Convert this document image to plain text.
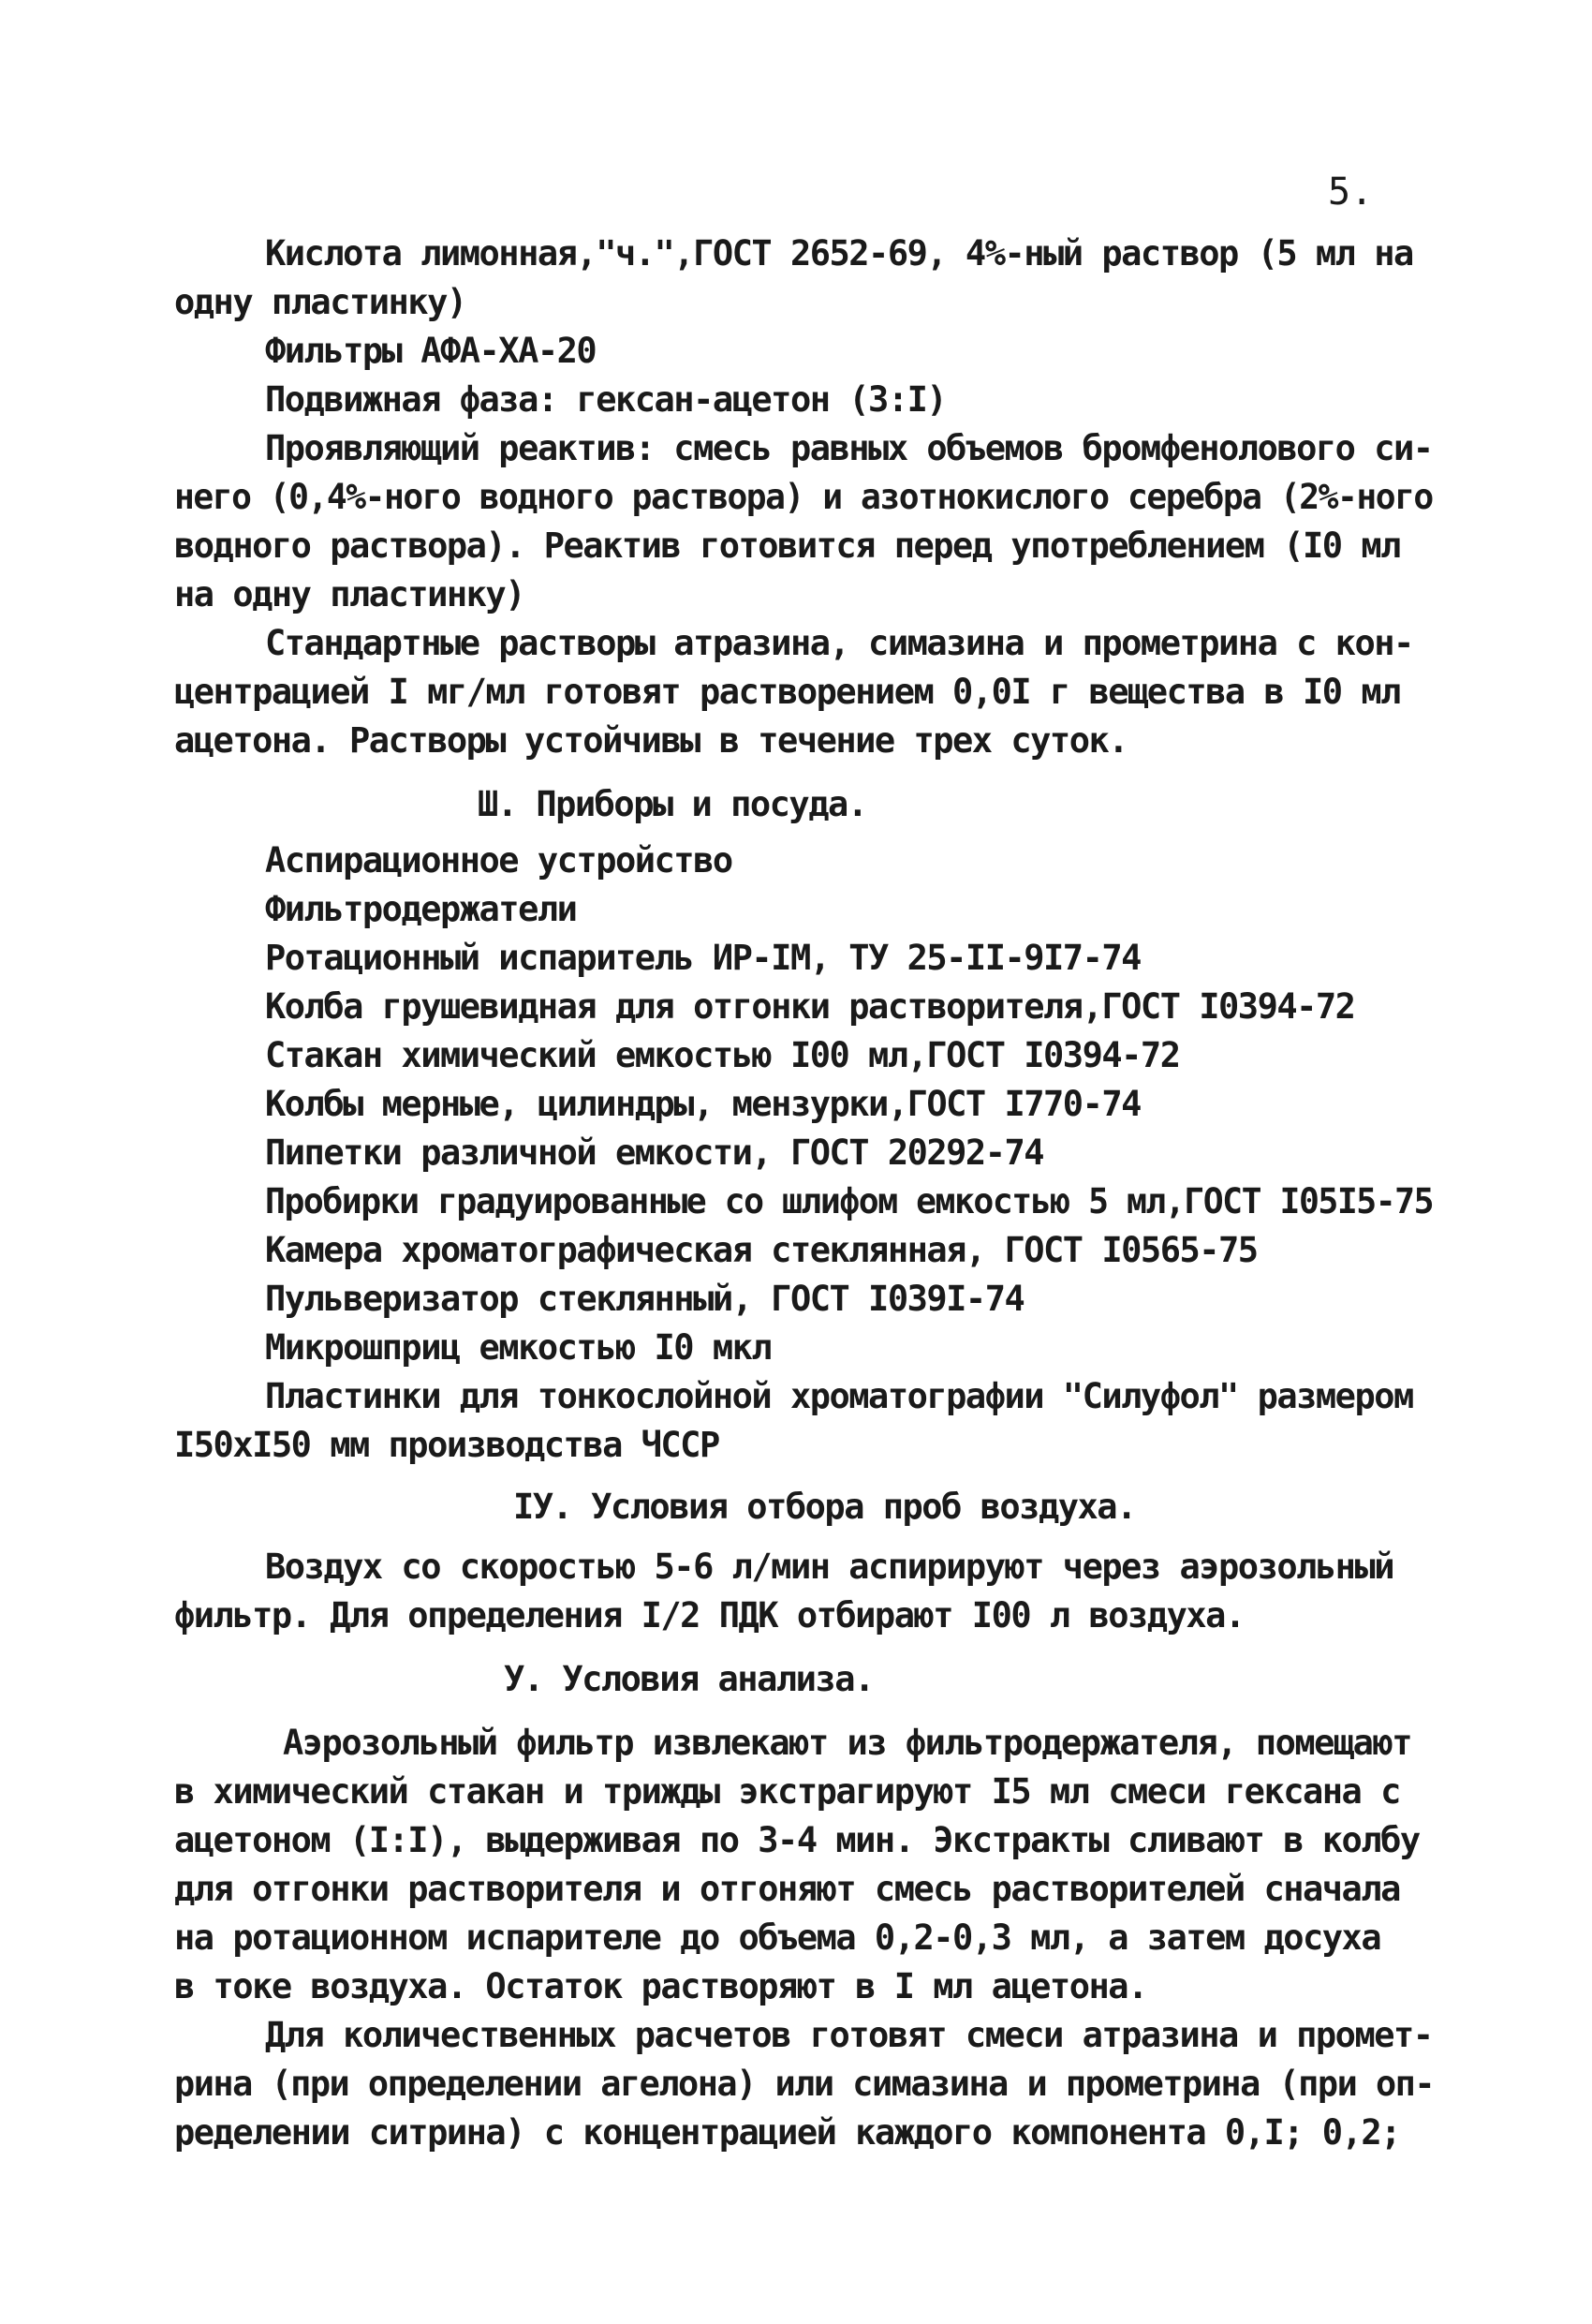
5.
Кислота лимонная,"ч.",ГОСТ 2652-69, 4%-ный раствор (5 мл на
одну пластинку)
Фильтры АФА-ХА-20
Подвижная фаза: гексан-ацетон (3:I)
Проявляющий реактив: смесь равных объемов бромфенолового си-
него (0,4%-ного водного раствора) и азотнокислого серебра (2%-ного
водного раствора). Реактив готовится перед употреблением (I0 мл
на одну пластинку)
Стандартные растворы атразина, симазина и прометрина с кон-
центрацией I мг/мл готовят растворением 0,0I г вещества в I0 мл
ацетона. Растворы устойчивы в течение трех суток.
Ш. Приборы и посуда.
Аспирационное устройство
Фильтродержатели
Ротационный испаритель ИР-IМ, ТУ 25-II-9I7-74
Колба грушевидная для отгонки растворителя,ГОСТ I0394-72
Стакан химический емкостью I00 мл,ГОСТ I0394-72
Колбы мерные, цилиндры, мензурки,ГОСТ I770-74
Пипетки различной емкости, ГОСТ 20292-74
Пробирки градуированные со шлифом емкостью 5 мл,ГОСТ I05I5-75
Камера хроматографическая стеклянная, ГОСТ I0565-75
Пульверизатор стеклянный, ГОСТ I039I-74
Микрошприц емкостью I0 мкл
Пластинки для тонкослойной хроматографии "Силуфол" размером
I50хI50 мм производства ЧССР
IУ. Условия отбора проб воздуха.
Воздух со скоростью 5-6 л/мин аспирируют через аэрозольный
фильтр. Для определения I/2 ПДК отбирают I00 л воздуха.
У. Условия анализа.
Аэрозольный фильтр извлекают из фильтродержателя, помещают
в химический стакан и трижды экстрагируют I5 мл смеси гексана с
ацетоном (I:I), выдерживая по 3-4 мин. Экстракты сливают в колбу
для отгонки растворителя и отгоняют смесь растворителей сначала
на ротационном испарителе до объема 0,2-0,3 мл, а затем досуха
в токе воздуха. Остаток растворяют в I мл ацетона.
Для количественных расчетов готовят смеси атразина и промет-
рина (при определении агелона) или симазина и прометрина (при оп-
ределении ситрина) с концентрацией каждого компонента 0,I; 0,2;
